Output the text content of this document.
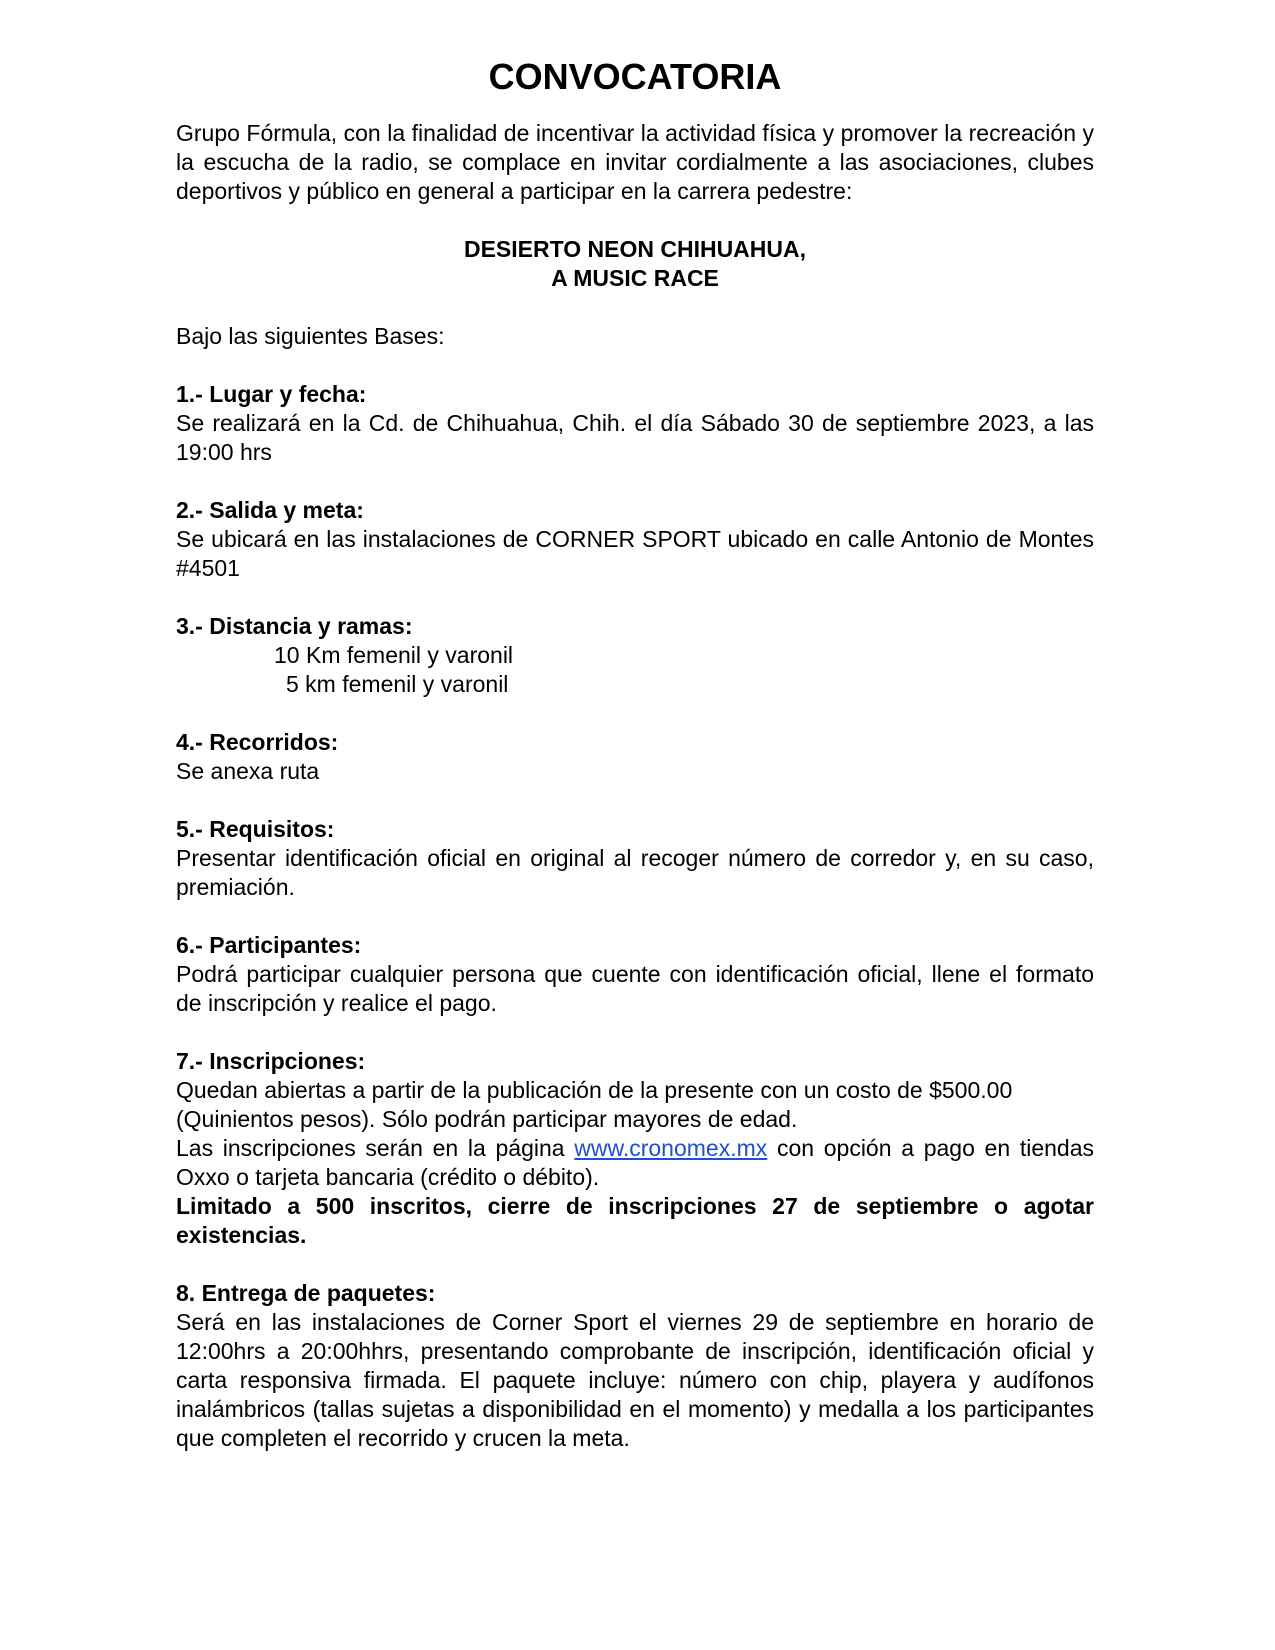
CONVOCATORIA

Grupo Fórmula, con la finalidad de incentivar la actividad física y promover la recreación y la escucha de la radio, se complace en invitar cordialmente a las asociaciones, clubes deportivos y público en general a participar en la carrera pedestre:

DESIERTO NEON CHIHUAHUA,
A MUSIC RACE

Bajo las siguientes Bases:

1.- Lugar y fecha:

Se realizará en la Cd. de Chihuahua, Chih. el día Sábado 30 de septiembre 2023, a las 19:00 hrs

2.- Salida y meta:

Se ubicará en las instalaciones de CORNER SPORT ubicado en calle Antonio de Montes #4501

3.- Distancia y ramas:

10 Km femenil y varonil

5 km femenil y varonil

4.- Recorridos:

Se anexa ruta

5.- Requisitos:

Presentar identificación oficial en original al recoger número de corredor y, en su caso, premiación.

6.- Participantes:

Podrá participar cualquier persona que cuente con identificación oficial, llene el formato de inscripción y realice el pago.

7.- Inscripciones:

Quedan abiertas a partir de la publicación de la presente con un costo de $500.00 (Quinientos pesos). Sólo podrán participar mayores de edad.

Las inscripciones serán en la página www.cronomex.mx con opción a pago en tiendas Oxxo o tarjeta bancaria (crédito o débito).

Limitado a 500 inscritos, cierre de inscripciones 27 de septiembre o agotar existencias.

8. Entrega de paquetes:

Será en las instalaciones de Corner Sport el viernes 29 de septiembre en horario de 12:00hrs a 20:00hhrs, presentando comprobante de inscripción, identificación oficial y carta responsiva firmada. El paquete incluye: número con chip, playera y audífonos inalámbricos (tallas sujetas a disponibilidad en el momento) y medalla a los participantes que completen el recorrido y crucen la meta.
